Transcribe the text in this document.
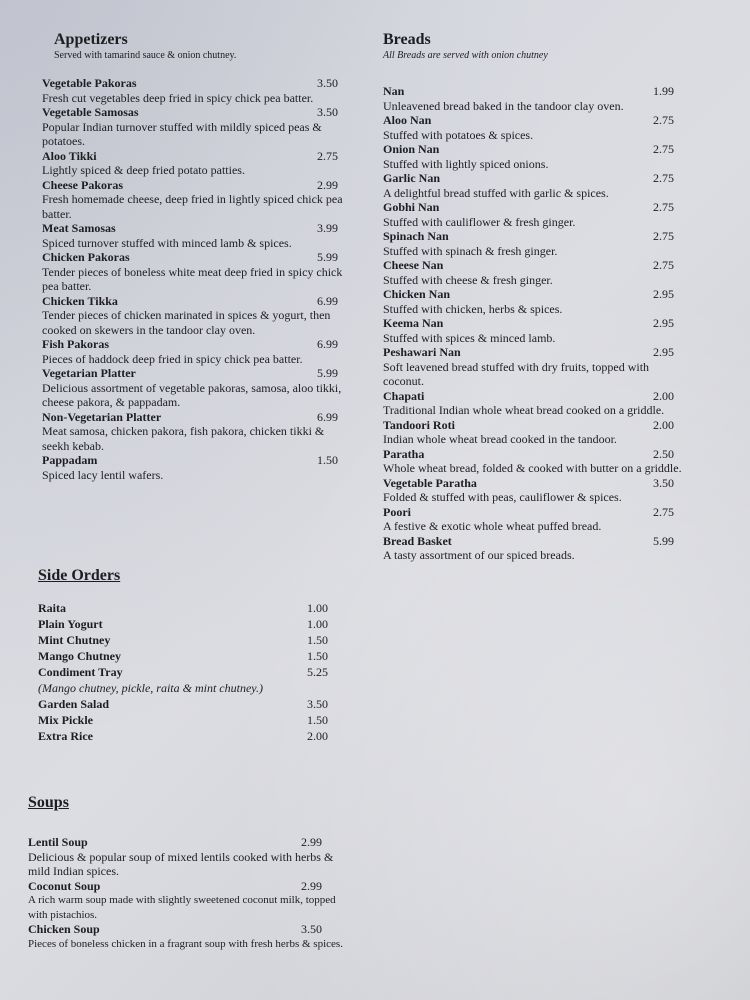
Appetizers

Served with tamarind sauce & onion chutney.

Vegetable Pakoras	3.50

Fresh cut vegetables deep fried in spicy chick pea batter.

Vegetable Samosas	3.50

Popular Indian turnover stuffed with mildly spiced peas & potatoes.

Aloo Tikki	2.75

Lightly spiced & deep fried potato patties.

Cheese Pakoras	2.99

Fresh homemade cheese, deep fried in lightly spiced chick pea batter.

Meat Samosas	3.99

Spiced turnover stuffed with minced lamb & spices.

Chicken Pakoras	5.99

Tender pieces of boneless white meat deep fried in spicy chick pea batter.

Chicken Tikka	6.99

Tender pieces of chicken marinated in spices & yogurt, then cooked on skewers in the tandoor clay oven.

Fish Pakoras	6.99

Pieces of haddock deep fried in spicy chick pea batter.

Vegetarian Platter	5.99

Delicious assortment of vegetable pakoras, samosa, aloo tikki, cheese pakora, & pappadam.

Non-Vegetarian Platter	6.99

Meat samosa, chicken pakora, fish pakora, chicken tikki & seekh kebab.

Pappadam	1.50

Spiced lacy lentil wafers.

Breads

All Breads are served with onion chutney

Nan	1.99

Unleavened bread baked in the tandoor clay oven.

Aloo Nan	2.75

Stuffed with potatoes & spices.

Onion Nan	2.75

Stuffed with lightly spiced onions.

Garlic Nan	2.75

A delightful bread stuffed with garlic & spices.

Gobhi Nan	2.75

Stuffed with cauliflower & fresh ginger.

Spinach Nan	2.75

Stuffed with spinach & fresh ginger.

Cheese Nan	2.75

Stuffed with cheese & fresh ginger.

Chicken Nan	2.95

Stuffed with chicken, herbs & spices.

Keema Nan	2.95

Stuffed with spices & minced lamb.

Peshawari Nan	2.95

Soft leavened bread stuffed with dry fruits, topped with coconut.

Chapati	2.00

Traditional Indian whole wheat bread cooked on a griddle.

Tandoori Roti	2.00

Indian whole wheat bread cooked in the tandoor.

Paratha	2.50

Whole wheat bread, folded & cooked with butter on a griddle.

Vegetable Paratha	3.50

Folded & stuffed with peas, cauliflower & spices.

Poori	2.75

A festive & exotic whole wheat puffed bread.

Bread Basket	5.99

A tasty assortment of our spiced breads.

Side Orders
Raita	1.00
Plain Yogurt	1.00
Mint Chutney	1.50
Mango Chutney	1.50
Condiment Tray	5.25
(Mango chutney, pickle, raita & mint chutney.)
Garden Salad	3.50
Mix Pickle	1.50
Extra Rice	2.00
Soups
Lentil Soup	2.99

Delicious & popular soup of mixed lentils cooked with herbs & mild Indian spices.

Coconut Soup	2.99

A rich warm soup made with slightly sweetened coconut milk, topped with pistachios.

Chicken Soup	3.50

Pieces of boneless chicken in a fragrant soup with fresh herbs & spices.
